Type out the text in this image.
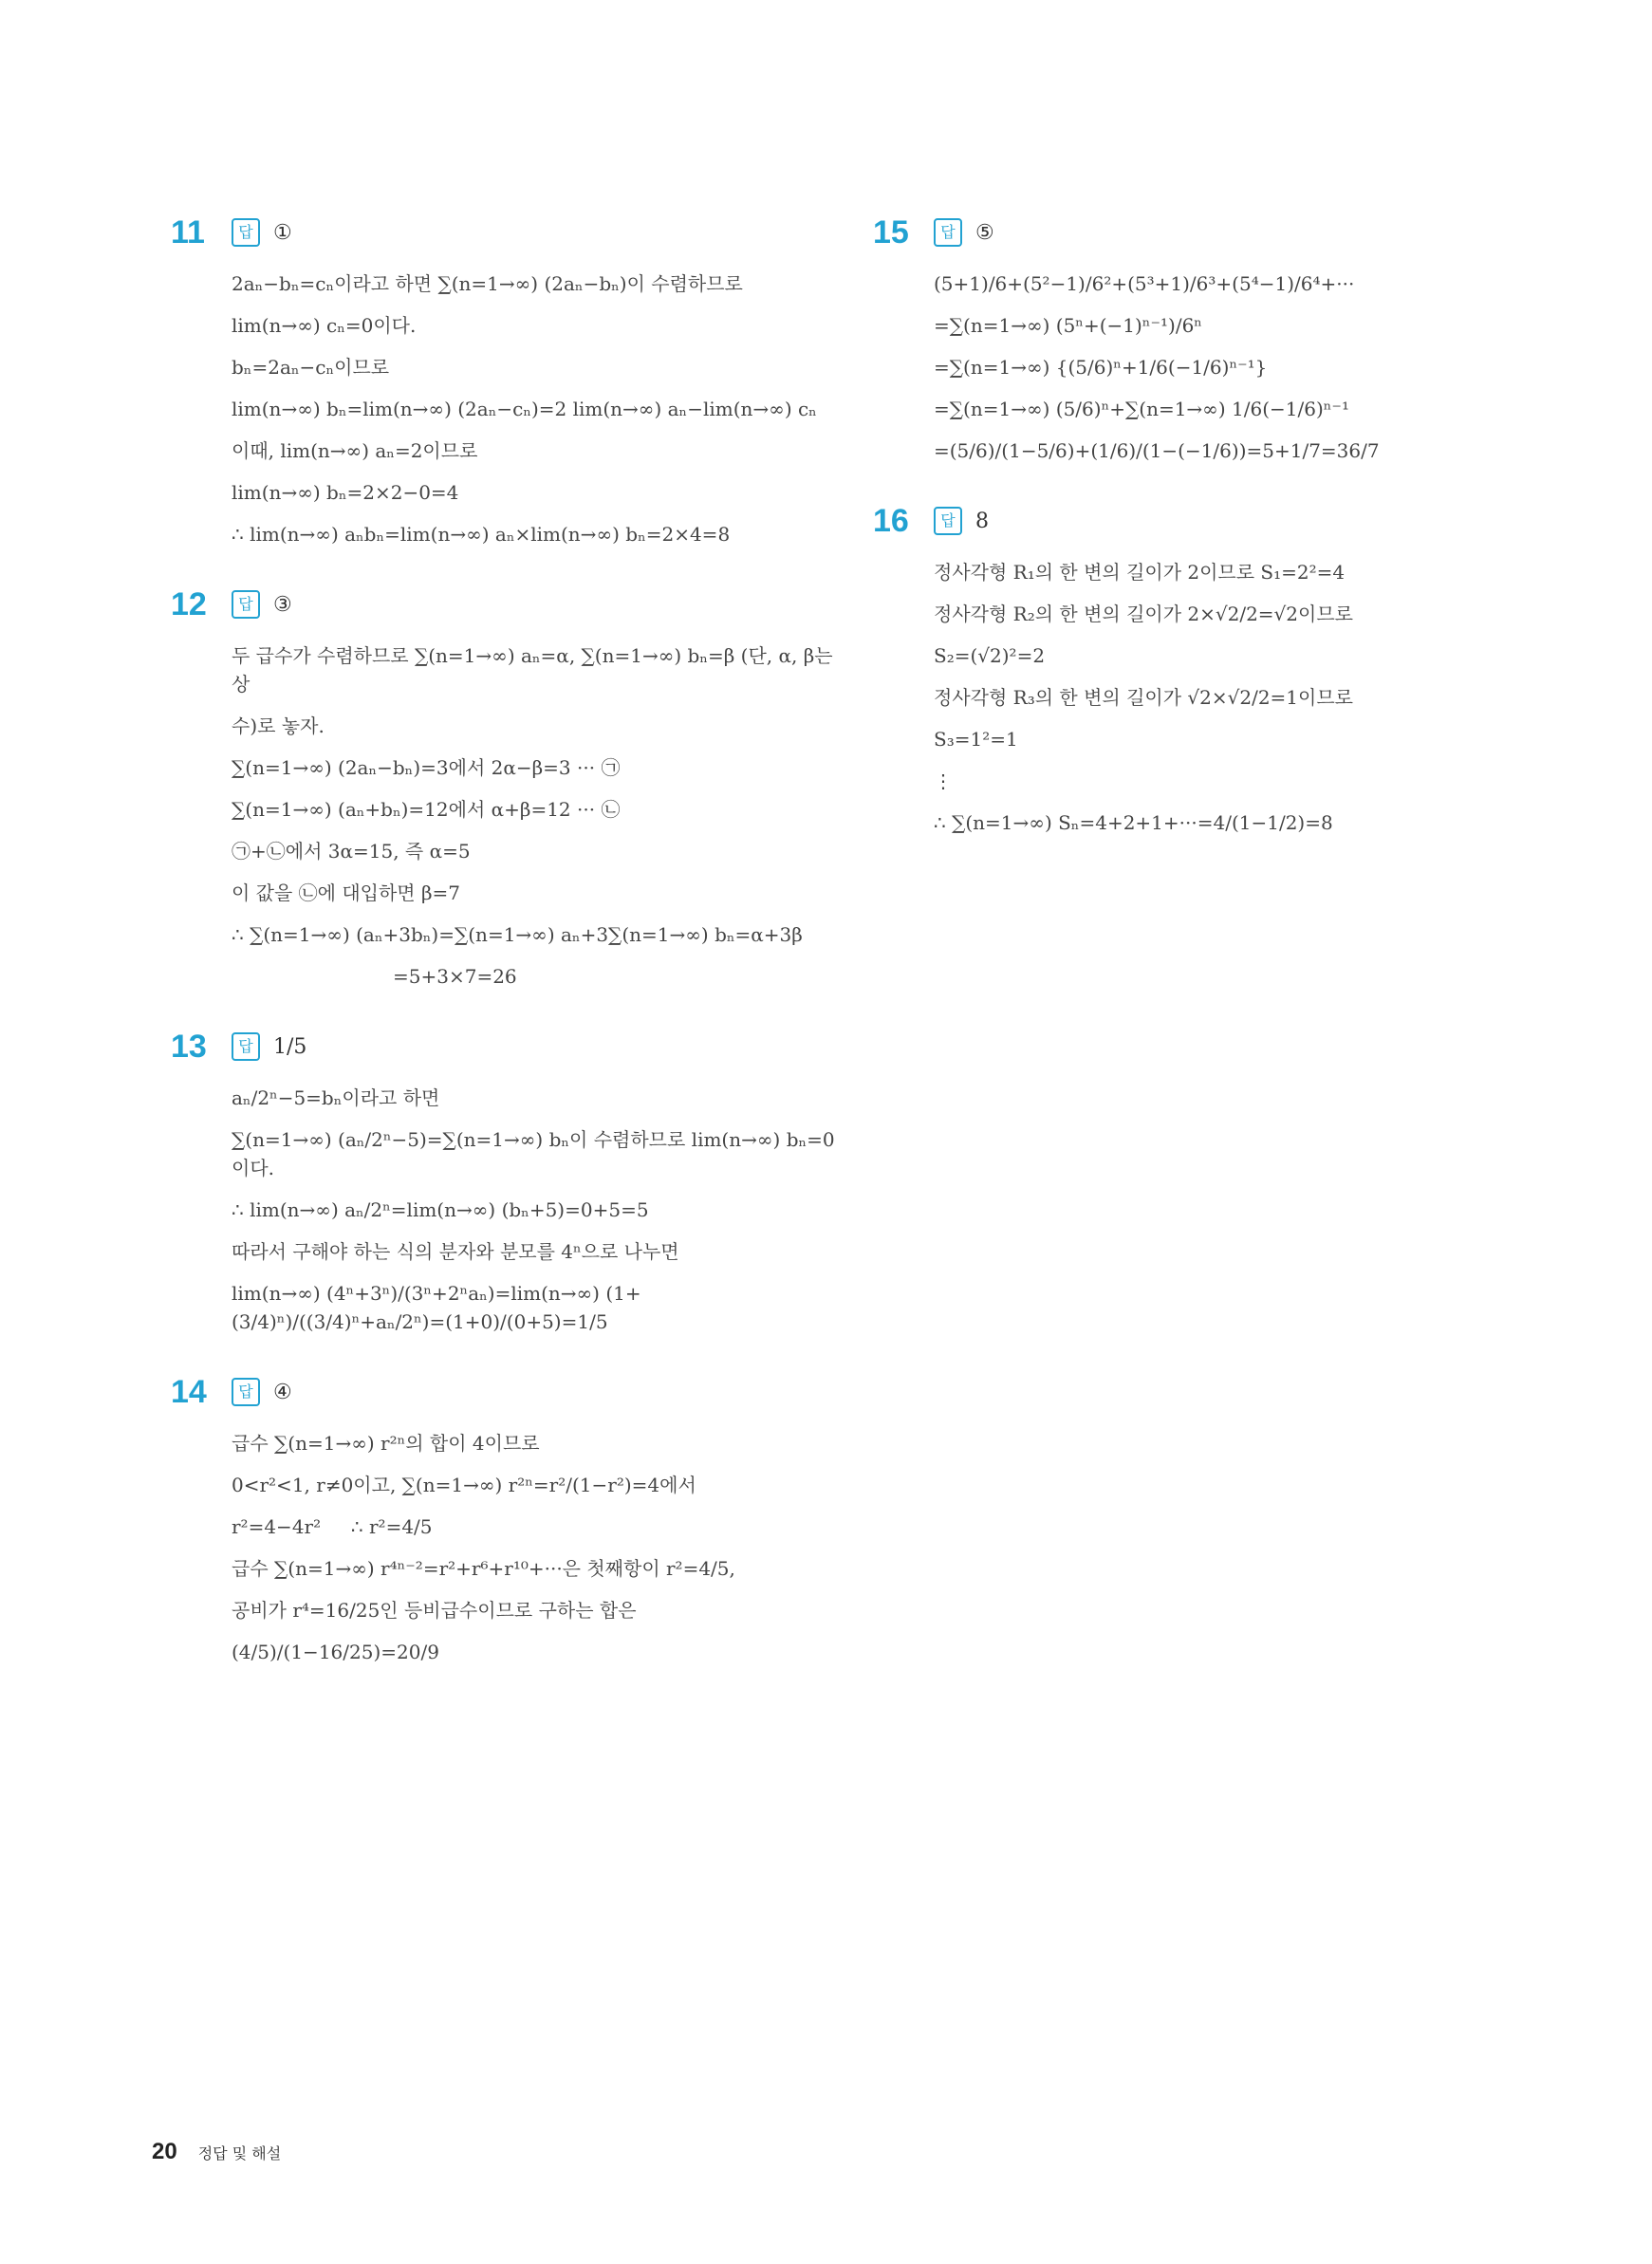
11	답 ①
2aₙ−bₙ=cₙ이라고 하면 ∑(n=1→∞) (2aₙ−bₙ)이 수렴하므로
lim(n→∞) cₙ=0이다.
bₙ=2aₙ−cₙ이므로
lim(n→∞) bₙ=lim(n→∞) (2aₙ−cₙ)=2 lim(n→∞) aₙ−lim(n→∞) cₙ
이때, lim(n→∞) aₙ=2이므로
lim(n→∞) bₙ=2×2−0=4
∴ lim(n→∞) aₙbₙ=lim(n→∞) aₙ×lim(n→∞) bₙ=2×4=8
12	답 ③
두 급수가 수렴하므로 ∑(n=1→∞) aₙ=α, ∑(n=1→∞) bₙ=β (단, α, β는 상
수)로 놓자.
∑(n=1→∞) (2aₙ−bₙ)=3에서 2α−β=3 ··· ㉠
∑(n=1→∞) (aₙ+bₙ)=12에서 α+β=12 ··· ㉡
㉠+㉡에서 3α=15, 즉 α=5
이 값을 ㉡에 대입하면 β=7
∴ ∑(n=1→∞) (aₙ+3bₙ)=∑(n=1→∞) aₙ+3∑(n=1→∞) bₙ=α+3β
=5+3×7=26
13	답 1/5
aₙ/2ⁿ−5=bₙ이라고 하면
∑(n=1→∞) (aₙ/2ⁿ−5)=∑(n=1→∞) bₙ이 수렴하므로 lim(n→∞) bₙ=0이다.
∴ lim(n→∞) aₙ/2ⁿ=lim(n→∞) (bₙ+5)=0+5=5
따라서 구해야 하는 식의 분자와 분모를 4ⁿ으로 나누면
lim(n→∞) (4ⁿ+3ⁿ)/(3ⁿ+2ⁿaₙ)=lim(n→∞) (1+(3/4)ⁿ)/((3/4)ⁿ+aₙ/2ⁿ)=(1+0)/(0+5)=1/5
14	답 ④
급수 ∑(n=1→∞) r²ⁿ의 합이 4이므로
0<r²<1, r≠0이고, ∑(n=1→∞) r²ⁿ=r²/(1−r²)=4에서
r²=4−4r²     ∴ r²=4/5
급수 ∑(n=1→∞) r⁴ⁿ⁻²=r²+r⁶+r¹⁰+···은 첫째항이 r²=4/5,
공비가 r⁴=16/25인 등비급수이므로 구하는 합은
(4/5)/(1−16/25)=20/9
15	답 ⑤
(5+1)/6+(5²−1)/6²+(5³+1)/6³+(5⁴−1)/6⁴+···
=∑(n=1→∞) (5ⁿ+(−1)ⁿ⁻¹)/6ⁿ
=∑(n=1→∞) {(5/6)ⁿ+1/6(−1/6)ⁿ⁻¹}
=∑(n=1→∞) (5/6)ⁿ+∑(n=1→∞) 1/6(−1/6)ⁿ⁻¹
=(5/6)/(1−5/6)+(1/6)/(1−(−1/6))=5+1/7=36/7
16	답 8
정사각형 R₁의 한 변의 길이가 2이므로 S₁=2²=4
정사각형 R₂의 한 변의 길이가 2×√2/2=√2이므로
S₂=(√2)²=2
정사각형 R₃의 한 변의 길이가 √2×√2/2=1이므로
S₃=1²=1
⋮
∴ ∑(n=1→∞) Sₙ=4+2+1+···=4/(1−1/2)=8
20 정답 및 해설
